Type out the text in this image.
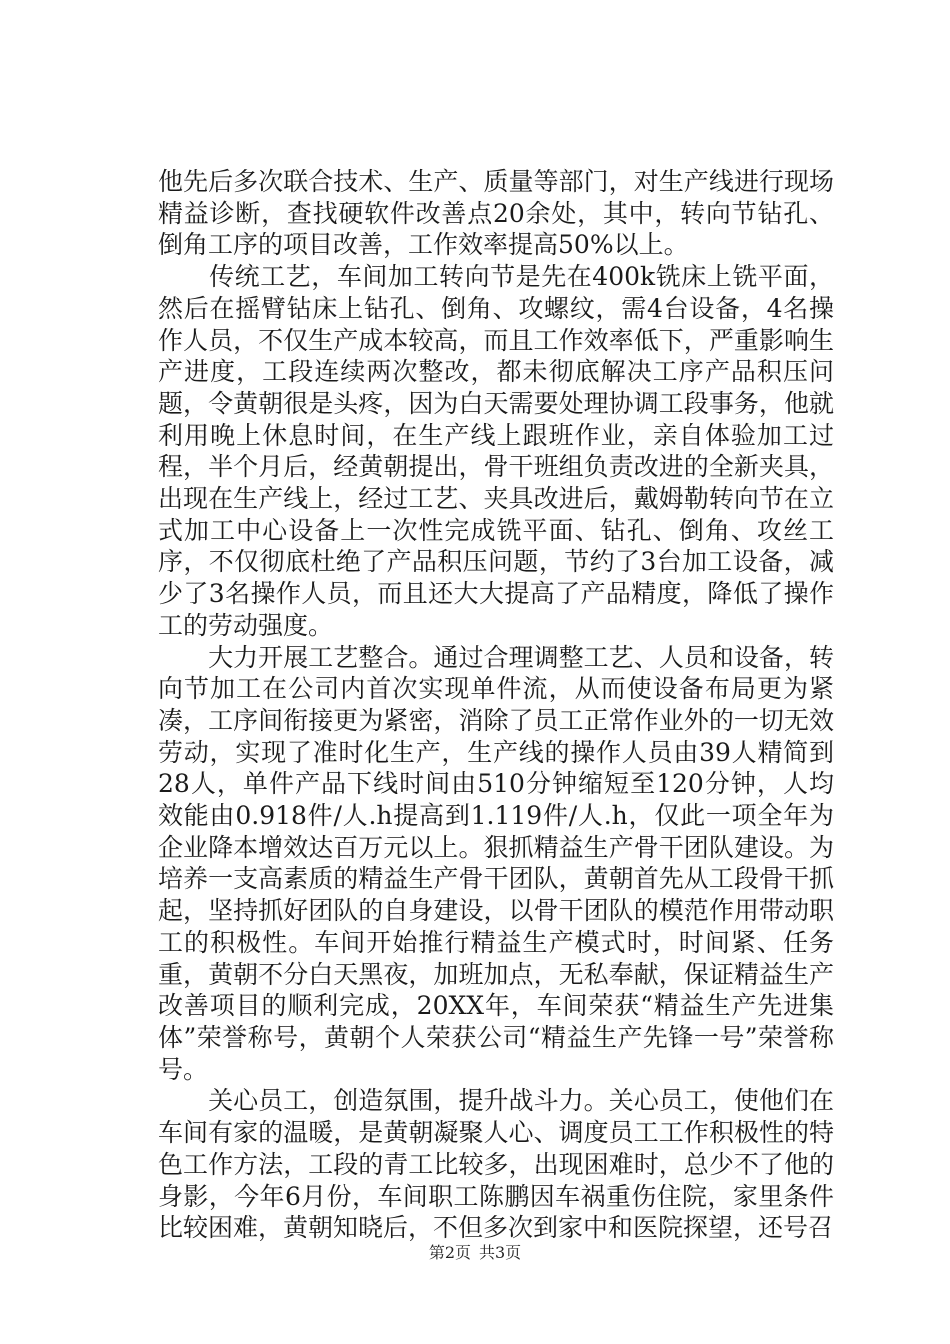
他先后多次联合技术、生产、质量等部门，对生产线进行现场精益诊断，查找硬软件改善点20余处，其中，转向节钻孔、倒角工序的项目改善，工作效率提高50%以上。

　　传统工艺，车间加工转向节是先在400k铣床上铣平面，然后在摇臂钻床上钻孔、倒角、攻螺纹，需4台设备，4名操作人员，不仅生产成本较高，而且工作效率低下，严重影响生产进度，工段连续两次整改，都未彻底解决工序产品积压问题，令黄朝很是头疼，因为白天需要处理协调工段事务，他就利用晚上休息时间，在生产线上跟班作业，亲自体验加工过程，半个月后，经黄朝提出，骨干班组负责改进的全新夹具，出现在生产线上，经过工艺、夹具改进后，戴姆勒转向节在立式加工中心设备上一次性完成铣平面、钻孔、倒角、攻丝工序，不仅彻底杜绝了产品积压问题，节约了3台加工设备，减少了3名操作人员，而且还大大提高了产品精度，降低了操作工的劳动强度。

　　大力开展工艺整合。通过合理调整工艺、人员和设备，转向节加工在公司内首次实现单件流，从而使设备布局更为紧凑，工序间衔接更为紧密，消除了员工正常作业外的一切无效劳动，实现了准时化生产，生产线的操作人员由39人精简到28人，单件产品下线时间由510分钟缩短至120分钟，人均效能由0.918件/人.h提高到1.119件/人.h，仅此一项全年为企业降本增效达百万元以上。狠抓精益生产骨干团队建设。为培养一支高素质的精益生产骨干团队，黄朝首先从工段骨干抓起，坚持抓好团队的自身建设，以骨干团队的模范作用带动职工的积极性。车间开始推行精益生产模式时，时间紧、任务重，黄朝不分白天黑夜，加班加点，无私奉献，保证精益生产改善项目的顺利完成，20XX年，车间荣获“精益生产先进集体”荣誉称号，黄朝个人荣获公司“精益生产先锋一号”荣誉称号。

　　关心员工，创造氛围，提升战斗力。关心员工，使他们在车间有家的温暖，是黄朝凝聚人心、调度员工工作积极性的特色工作方法，工段的青工比较多，出现困难时，总少不了他的身影，今年6月份，车间职工陈鹏因车祸重伤住院，家里条件比较困难，黄朝知晓后，不但多次到家中和医院探望，还号召

第2页 共3页
